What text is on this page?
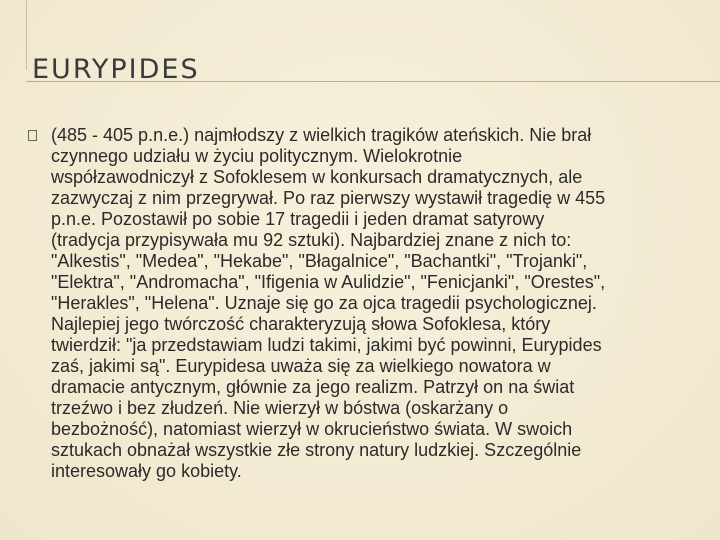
EURYPIDES

(485 - 405 p.n.e.) najmłodszy z wielkich tragików ateńskich. Nie brał
czynnego udziału w życiu politycznym. Wielokrotnie
współzawodniczył z Sofoklesem w konkursach dramatycznych, ale
zazwyczaj z nim przegrywał. Po raz pierwszy wystawił tragedię w 455
p.n.e. Pozostawił po sobie 17 tragedii i jeden dramat satyrowy
(tradycja przypisywała mu 92 sztuki). Najbardziej znane z nich to:
"Alkestis", "Medea", "Hekabe", "Błagalnice", "Bachantki", "Trojanki",
"Elektra", "Andromacha", "Ifigenia w Aulidzie", "Fenicjanki", "Orestes",
"Herakles", "Helena". Uznaje się go za ojca tragedii psychologicznej.
Najlepiej jego twórczość charakteryzują słowa Sofoklesa, który
twierdził: "ja przedstawiam ludzi takimi, jakimi być powinni, Eurypides
zaś, jakimi są". Eurypidesa uważa się za wielkiego nowatora w
dramacie antycznym, głównie za jego realizm. Patrzył on na świat
trzeźwo i bez złudzeń. Nie wierzył w bóstwa (oskarżany o
bezbożność), natomiast wierzył w okrucieństwo świata. W swoich
sztukach obnażał wszystkie złe strony natury ludzkiej. Szczególnie
interesowały go kobiety.
